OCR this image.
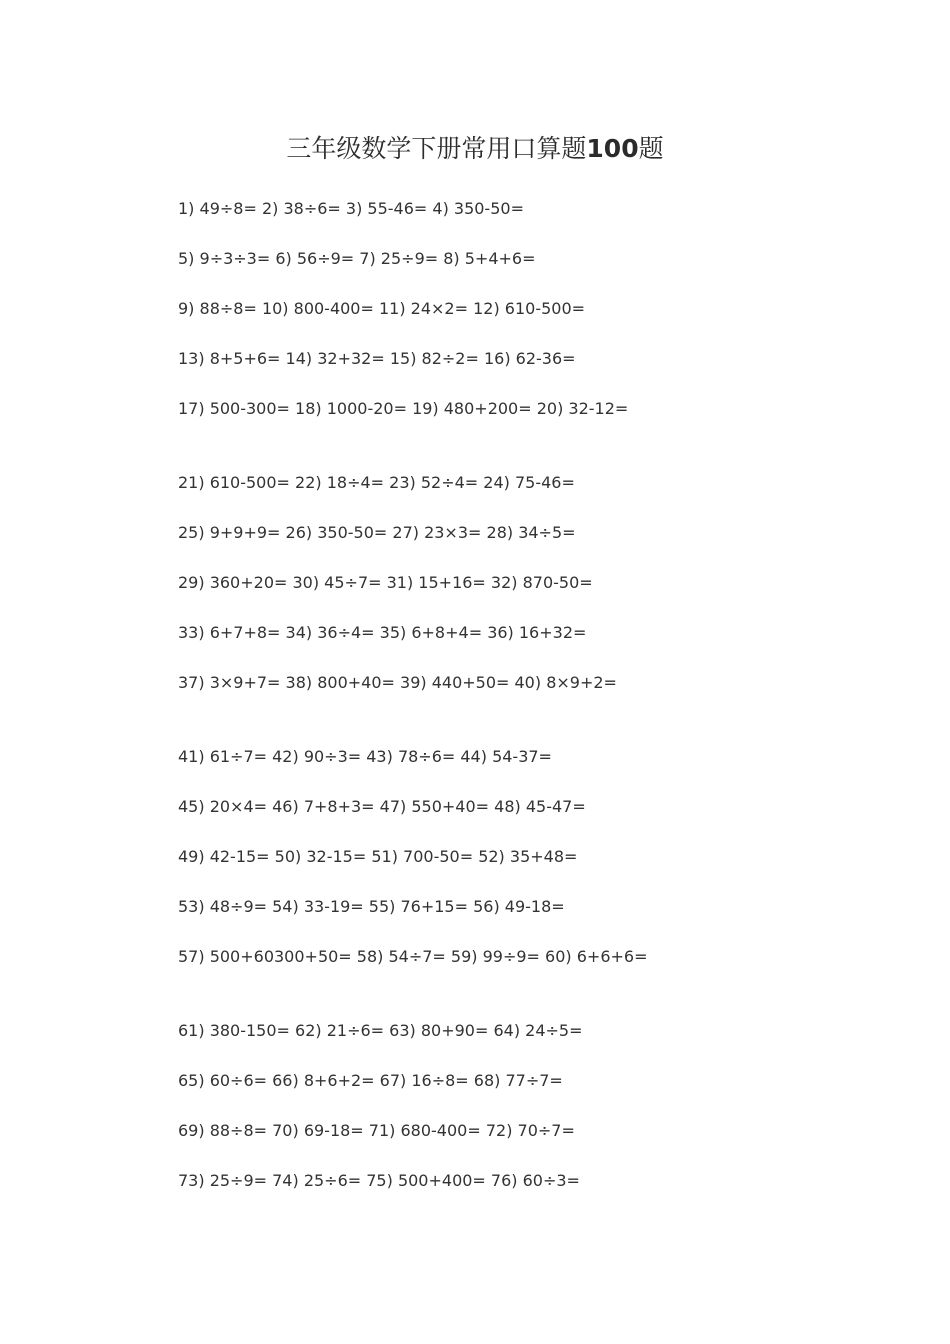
三年级数学下册常用口算题100题

1) 49÷8= 2) 38÷6= 3) 55-46= 4) 350-50=

5) 9÷3÷3= 6) 56÷9= 7) 25÷9= 8) 5+4+6=

9) 88÷8= 10) 800-400= 11) 24×2= 12) 610-500=

13) 8+5+6= 14) 32+32= 15) 82÷2= 16) 62-36=

17) 500-300= 18) 1000-20= 19) 480+200= 20) 32-12=

21) 610-500= 22) 18÷4= 23) 52÷4= 24) 75-46=

25) 9+9+9= 26) 350-50= 27) 23×3= 28) 34÷5=

29) 360+20= 30) 45÷7= 31) 15+16= 32) 870-50=

33) 6+7+8= 34) 36÷4= 35) 6+8+4= 36) 16+32=

37) 3×9+7= 38) 800+40= 39) 440+50= 40) 8×9+2=

41) 61÷7= 42) 90÷3= 43) 78÷6= 44) 54-37=

45) 20×4= 46) 7+8+3= 47) 550+40= 48) 45-47=

49) 42-15= 50) 32-15= 51) 700-50= 52) 35+48=

53) 48÷9= 54) 33-19= 55) 76+15= 56) 49-18=

57) 500+60300+50= 58) 54÷7= 59) 99÷9= 60) 6+6+6=

61) 380-150= 62) 21÷6= 63) 80+90= 64) 24÷5=

65) 60÷6= 66) 8+6+2= 67) 16÷8= 68) 77÷7=

69) 88÷8= 70) 69-18= 71) 680-400= 72) 70÷7=

73) 25÷9= 74) 25÷6= 75) 500+400= 76) 60÷3=
